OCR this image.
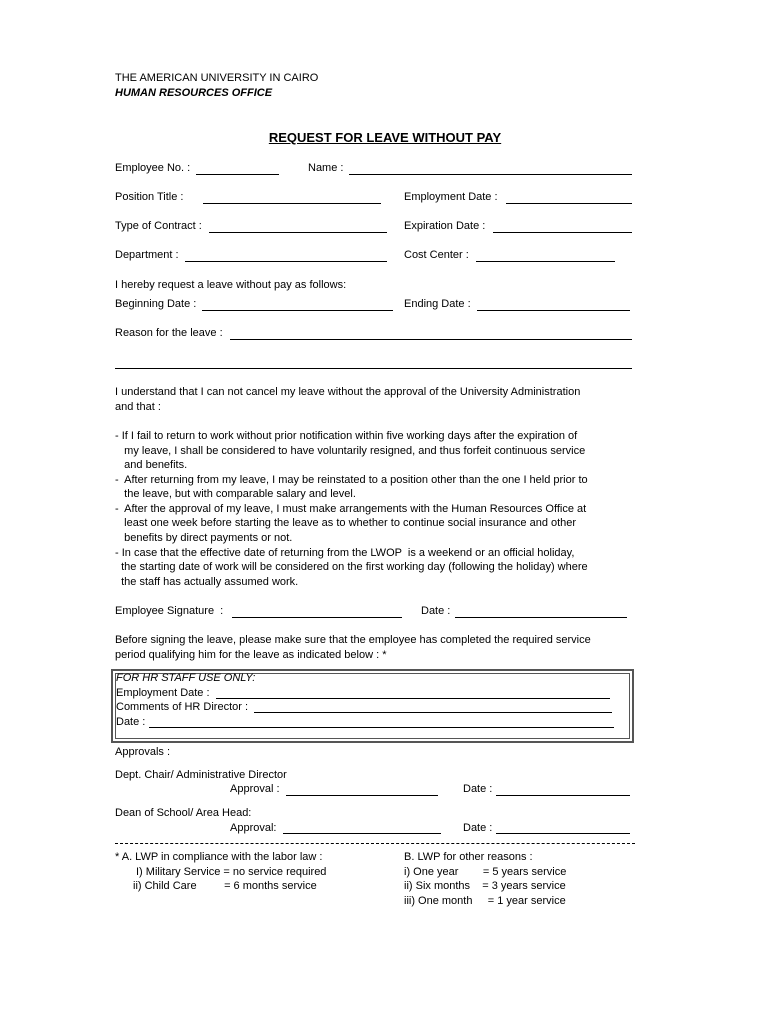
THE AMERICAN UNIVERSITY IN CAIRO
HUMAN RESOURCES OFFICE
REQUEST FOR LEAVE WITHOUT PAY
Employee No. :	Name :
Position Title :	Employment Date :
Type of Contract :	Expiration Date :
Department :	Cost Center :
I hereby request a leave without pay as follows:
Beginning Date :	Ending Date :
Reason for the leave :
I understand that I can not cancel my leave without the approval of the University Administration
and that :
- If I fail to return to work without prior notification within five working days after the expiration of
my leave, I shall be considered to have voluntarily resigned, and thus forfeit continuous service
and benefits.
-  After returning from my leave, I may be reinstated to a position other than the one I held prior to
the leave, but with comparable salary and level.
-  After the approval of my leave, I must make arrangements with the Human Resources Office at
least one week before starting the leave as to whether to continue social insurance and other
benefits by direct payments or not.
- In case that the effective date of returning from the LWOP  is a weekend or an official holiday,
the starting date of work will be considered on the first working day (following the holiday) where
the staff has actually assumed work.
Employee Signature  :	Date :
Before signing the leave, please make sure that the employee has completed the required service
period qualifying him for the leave as indicated below : *
FOR HR STAFF USE ONLY:
Employment Date :
Comments of HR Director :
Date :
Approvals :
Dept. Chair/ Administrative Director
Approval :	Date :
Dean of School/ Area Head:
Approval:	Date :
* A. LWP in compliance with the labor law :
I) Military Service = no service required
ii) Child Care         = 6 months service
B. LWP for other reasons :
i) One year        = 5 years service
ii) Six months    = 3 years service
iii) One month     = 1 year service
